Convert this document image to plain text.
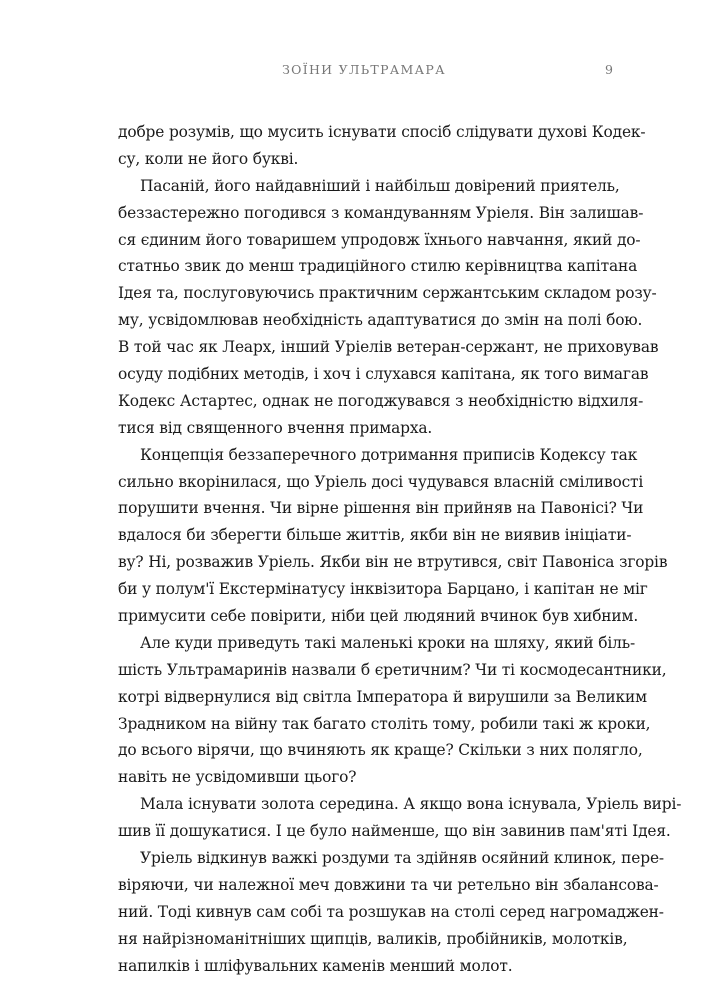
ЗОЇНИ УЛЬТРАМАРА	9
добре розумів, що мусить існувати спосіб слідувати духові Кодек-
су, коли не його букві.
Пасаній, його найдавніший і найбільш довірений приятель,
беззастережно погодився з командуванням Уріеля. Він залишав-
ся єдиним його товаришем упродовж їхнього навчання, який до-
статньо звик до менш традиційного стилю керівництва капітана
Ідея та, послуговуючись практичним сержантським складом розу-
му, усвідомлював необхідність адаптуватися до змін на полі бою.
В той час як Леарх, інший Уріелів ветеран-сержант, не приховував
осуду подібних методів, і хоч і слухався капітана, як того вимагав
Кодекс Астартес, однак не погоджувався з необхідністю відхиля-
тися від священного вчення примарха.
Концепція беззаперечного дотримання приписів Кодексу так
сильно вкорінилася, що Уріель досі чудувався власній сміливості
порушити вчення. Чи вірне рішення він прийняв на Павонісі? Чи
вдалося би зберегти більше життів, якби він не виявив ініціати-
ву? Ні, розважив Уріель. Якби він не втрутився, світ Павоніса згорів
би у полум'ї Екстермінатусу інквізитора Барцано, і капітан не міг
примусити себе повірити, ніби цей людяний вчинок був хибним.
Але куди приведуть такі маленькі кроки на шляху, який біль-
шість Ультрамаринів назвали б єретичним? Чи ті космодесантники,
котрі відвернулися від світла Імператора й вирушили за Великим
Зрадником на війну так багато століть тому, робили такі ж кроки,
до всього вірячи, що вчиняють як краще? Скільки з них полягло,
навіть не усвідомивши цього?
Мала існувати золота середина. А якщо вона існувала, Уріель вирі-
шив її дошукатися. І це було найменше, що він завинив пам'яті Ідея.
Уріель відкинув важкі роздуми та здійняв осяйний клинок, пере-
віряючи, чи належної меч довжини та чи ретельно він збалансова-
ний. Тоді кивнув сам собі та розшукав на столі серед нагромаджен-
ня найрізноманітніших щипців, валиків, пробійників, молотків,
напилків і шліфувальних каменів менший молот.
